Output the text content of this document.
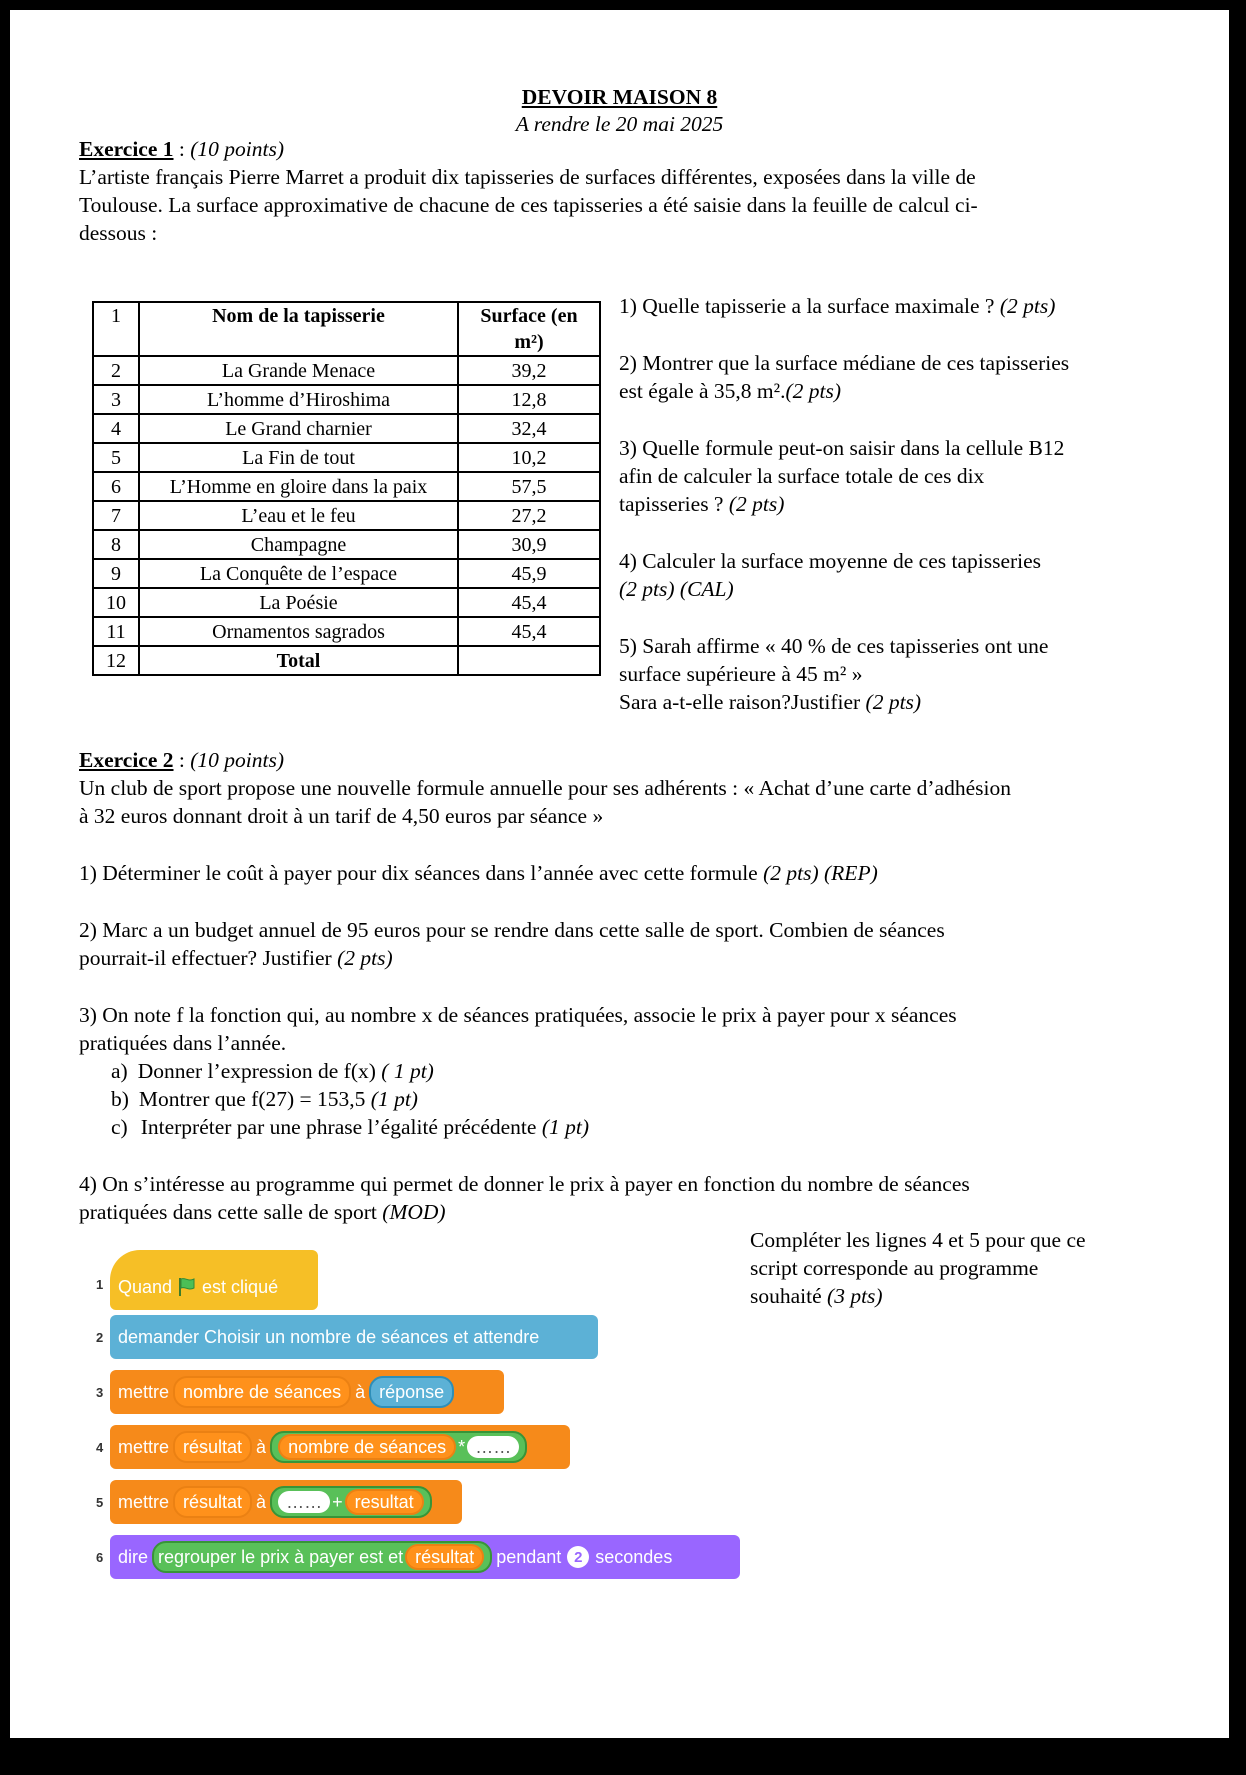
DEVOIR MAISON 8
A rendre le 20 mai 2025
Exercice 1 : (10 points)
L’artiste français Pierre Marret a produit dix tapisseries de surfaces différentes, exposées dans la ville de
Toulouse. La surface approximative de chacune de ces tapisseries a été saisie dans la feuille de calcul ci-
dessous :
1	Nom de la tapisserie	Surface (en
m²)
2	La Grande Menace	39,2
3	L’homme d’Hiroshima	12,8
4	Le Grand charnier	32,4
5	La Fin de tout	10,2
6	L’Homme en gloire dans la paix	57,5
7	L’eau et le feu	27,2
8	Champagne	30,9
9	La Conquête de l’espace	45,9
10	La Poésie	45,4
11	Ornamentos sagrados	45,4
12	Total	
1) Quelle tapisserie a la surface maximale ? (2 pts)
2) Montrer que la surface médiane de ces tapisseries
est égale à 35,8 m².(2 pts)
3) Quelle formule peut-on saisir dans la cellule B12
afin de calculer la surface totale de ces dix
tapisseries ? (2 pts)
4) Calculer la surface moyenne de ces tapisseries
(2 pts) (CAL)
5) Sarah affirme « 40 % de ces tapisseries ont une
surface supérieure à 45 m² »
Sara a-t-elle raison?Justifier (2 pts)
Exercice 2 : (10 points)
Un club de sport propose une nouvelle formule annuelle pour ses adhérents : « Achat d’une carte d’adhésion
à 32 euros donnant droit à un tarif de 4,50 euros par séance »
1) Déterminer le coût à payer pour dix séances dans l’année avec cette formule (2 pts) (REP)
2) Marc a un budget annuel de 95 euros pour se rendre dans cette salle de sport. Combien de séances
pourrait-il effectuer? Justifier (2 pts)
3) On note f la fonction qui, au nombre x de séances pratiquées, associe le prix à payer pour x séances
pratiquées dans l’année.
a) Donner l’expression de f(x) ( 1 pt)
b) Montrer que f(27) = 153,5 (1 pt)
c) Interpréter par une phrase l’égalité précédente (1 pt)
4) On s’intéresse au programme qui permet de donner le prix à payer en fonction du nombre de séances
pratiquées dans cette salle de sport (MOD)
Compléter les lignes 4 et 5 pour que ce
script corresponde au programme
souhaité (3 pts)
1 Quand est cliqué
2 demander Choisir un nombre de séances et attendre
3 mettre nombre de séances à réponse
4 mettre résultat à	nombre de séances * ……
5 mettre résultat à	…… + resultat
6 dire regrouper le prix à payer est et résultat	pendant 2 secondes
